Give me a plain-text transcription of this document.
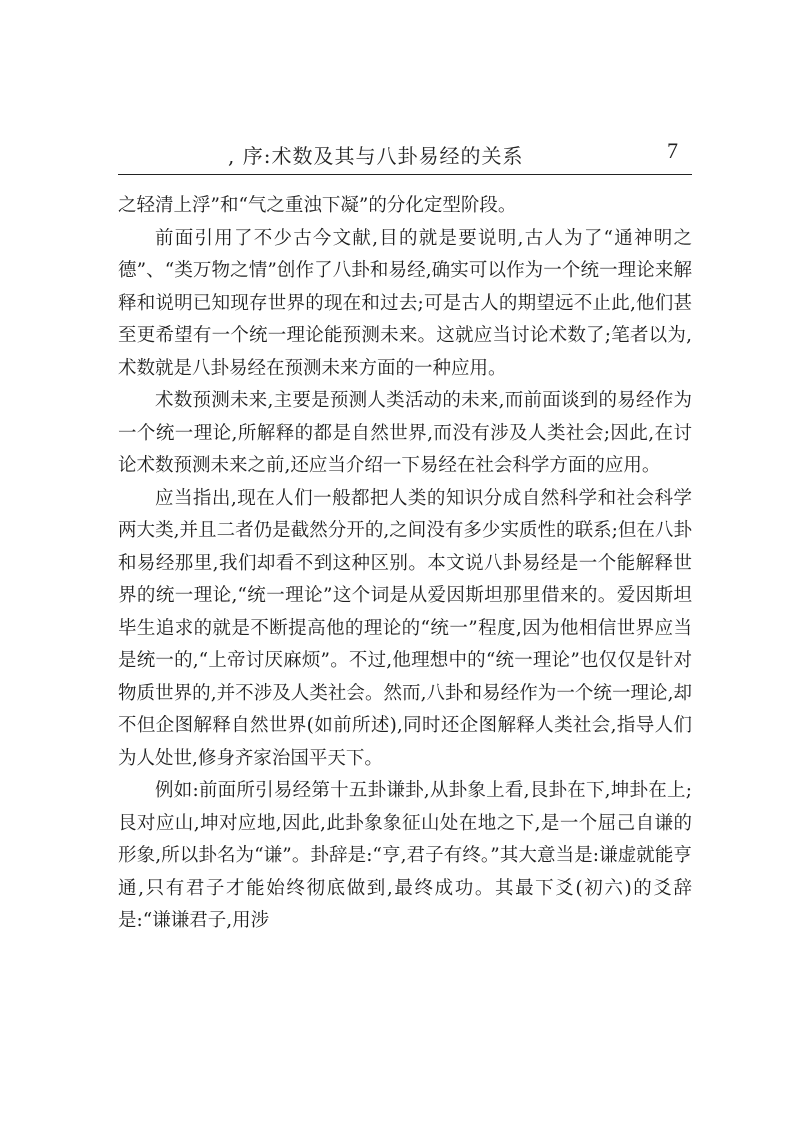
, 序:术数及其与八卦易经的关系	7

之轻清上浮”和“气之重浊下凝”的分化定型阶段。

前面引用了不少古今文献,目的就是要说明,古人为了“通神明之德”、“类万物之情”创作了八卦和易经,确实可以作为一个统一理论来解释和说明已知现存世界的现在和过去;可是古人的期望远不止此,他们甚至更希望有一个统一理论能预测未来。这就应当讨论术数了;笔者以为,术数就是八卦易经在预测未来方面的一种应用。

术数预测未来,主要是预测人类活动的未来,而前面谈到的易经作为一个统一理论,所解释的都是自然世界,而没有涉及人类社会;因此,在讨论术数预测未来之前,还应当介绍一下易经在社会科学方面的应用。

应当指出,现在人们一般都把人类的知识分成自然科学和社会科学两大类,并且二者仍是截然分开的,之间没有多少实质性的联系;但在八卦和易经那里,我们却看不到这种区别。本文说八卦易经是一个能解释世界的统一理论,“统一理论”这个词是从爱因斯坦那里借来的。爱因斯坦毕生追求的就是不断提高他的理论的“统一”程度,因为他相信世界应当是统一的,“上帝讨厌麻烦”。不过,他理想中的“统一理论”也仅仅是针对物质世界的,并不涉及人类社会。然而,八卦和易经作为一个统一理论,却不但企图解释自然世界(如前所述),同时还企图解释人类社会,指导人们为人处世,修身齐家治国平天下。

例如:前面所引易经第十五卦谦卦,从卦象上看,艮卦在下,坤卦在上;艮对应山,坤对应地,因此,此卦象象征山处在地之下,是一个屈己自谦的形象,所以卦名为“谦”。卦辞是:“亨,君子有终。”其大意当是:谦虚就能亨通,只有君子才能始终彻底做到,最终成功。其最下爻(初六)的爻辞是:“谦谦君子,用涉
